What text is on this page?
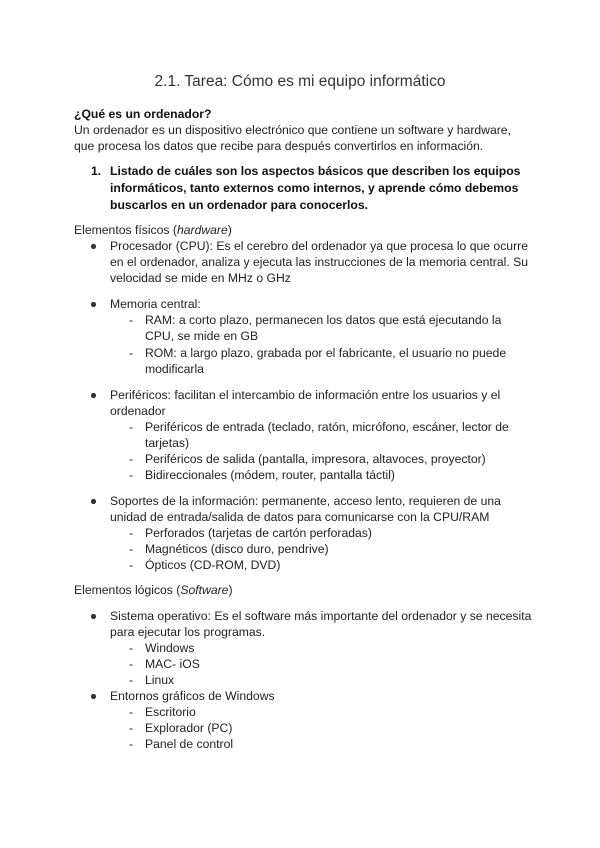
2.1. Tarea: Cómo es mi equipo informático
¿Qué es un ordenador?
Un ordenador es un dispositivo electrónico que contiene un software y hardware,
que procesa los datos que recibe para después convertirlos en información.
1. Listado de cuáles son los aspectos básicos que describen los equipos
informáticos, tanto externos como internos, y aprende cómo debemos
buscarlos en un ordenador para conocerlos.
Elementos físicos (hardware)
Procesador (CPU): Es el cerebro del ordenador ya que procesa lo que ocurre
en el ordenador, analiza y ejecuta las instrucciones de la memoria central. Su
velocidad se mide en MHz o GHz
Memoria central:
- RAM: a corto plazo, permanecen los datos que está ejecutando la
CPU, se mide en GB
- ROM: a largo plazo, grabada por el fabricante, el usuario no puede
modificarla
Periféricos: facilitan el intercambio de información entre los usuarios y el
ordenador
- Periféricos de entrada (teclado, ratón, micrófono, escáner, lector de
tarjetas)
- Periféricos de salida (pantalla, impresora, altavoces, proyector)
- Bidireccionales (módem, router, pantalla táctil)
Soportes de la información: permanente, acceso lento, requieren de una
unidad de entrada/salida de datos para comunicarse con la CPU/RAM
- Perforados (tarjetas de cartón perforadas)
- Magnéticos (disco duro, pendrive)
- Ópticos (CD-ROM, DVD)
Elementos lógicos (Software)
Sistema operativo: Es el software más importante del ordenador y se necesita
para ejecutar los programas.
- Windows
- MAC- iOS
- Linux
Entornos gráficos de Windows
- Escritorio
- Explorador (PC)
- Panel de control
